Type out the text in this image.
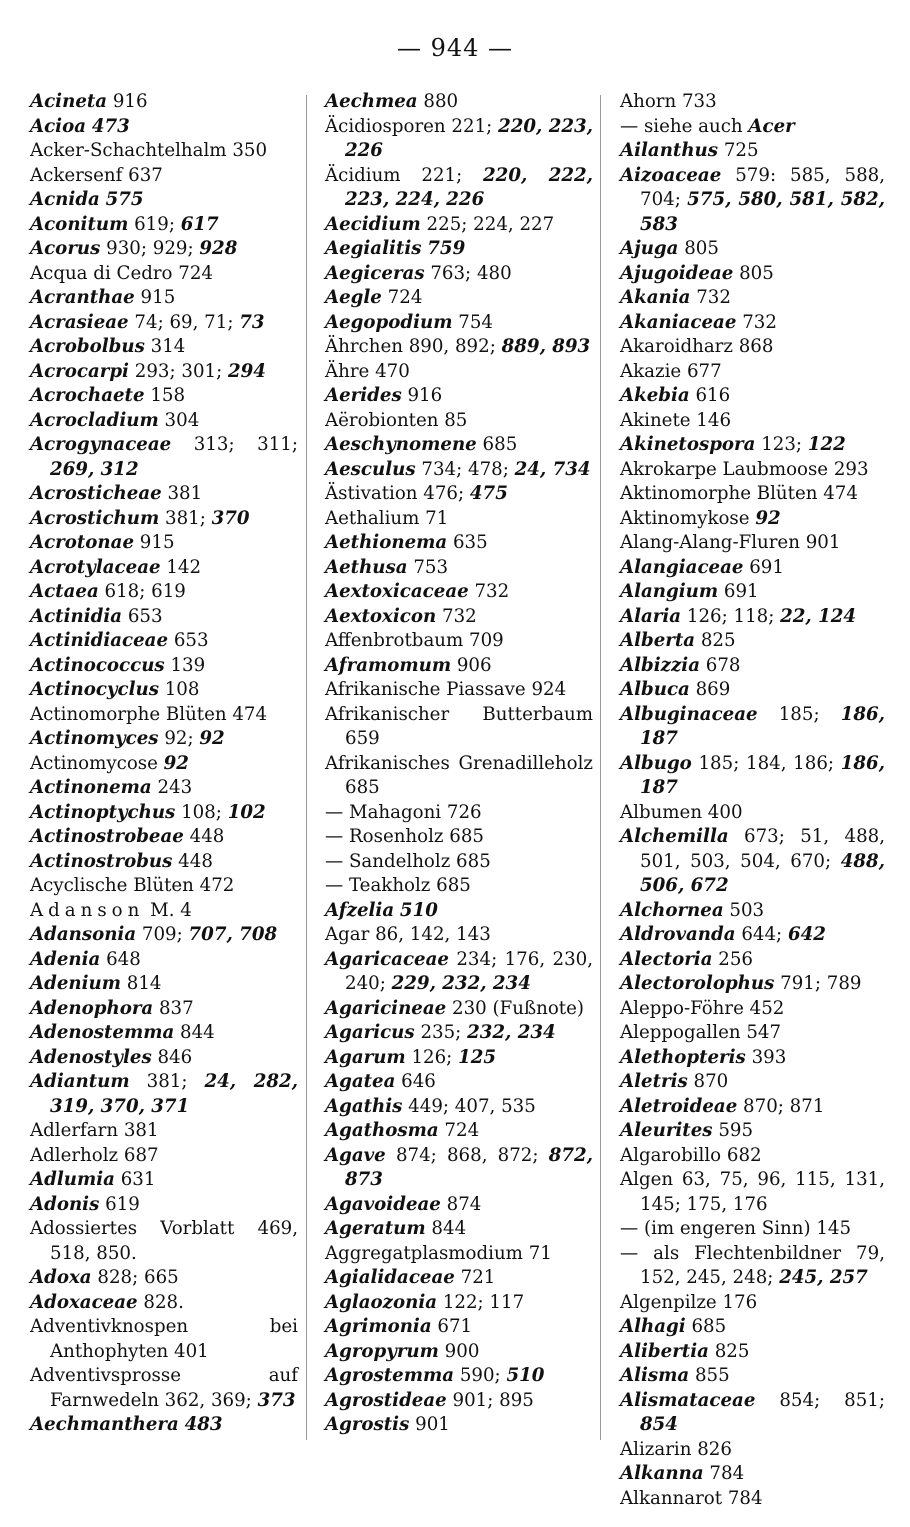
— 944 —
Acineta 916
Acioa 473
Acker-Schachtelhalm 350
Ackersenf 637
Acnida 575
Aconitum 619; 617
Acorus 930; 929; 928
Acqua di Cedro 724
Acranthae 915
Acrasieae 74; 69, 71; 73
Acrobolbus 314
Acrocarpi 293; 301; 294
Acrochaete 158
Acrocladium 304
Acrogynaceae 313; 311; 269, 312
Acrosticheae 381
Acrostichum 381; 370
Acrotonae 915
Acrotylaceae 142
Actaea 618; 619
Actinidia 653
Actinidiaceae 653
Actinococcus 139
Actinocyclus 108
Actinomorphe Blüten 474
Actinomyces 92; 92
Actinomycose 92
Actinonema 243
Actinoptychus 108; 102
Actinostrobeae 448
Actinostrobus 448
Acyclische Blüten 472
Adanson M. 4
Adansonia 709; 707, 708
Adenia 648
Adenium 814
Adenophora 837
Adenostemma 844
Adenostyles 846
Adiantum 381; 24, 282, 319, 370, 371
Adlerfarn 381
Adlerholz 687
Adlumia 631
Adonis 619
Adossiertes Vorblatt 469, 518, 850.
Adoxa 828; 665
Adoxaceae 828.
Adventivknospen bei Anthophyten 401
Adventivsprosse auf Farnwedeln 362, 369; 373
Aechmanthera 483
Aechmea 880
Äcidiosporen 221; 220, 223, 226
Äcidium 221; 220, 222, 223, 224, 226
Aecidium 225; 224, 227
Aegialitis 759
Aegiceras 763; 480
Aegle 724
Aegopodium 754
Ährchen 890, 892; 889, 893
Ähre 470
Aerides 916
Aërobionten 85
Aeschynomene 685
Aesculus 734; 478; 24, 734
Ästivation 476; 475
Aethalium 71
Aethionema 635
Aethusa 753
Aextoxicaceae 732
Aextoxicon 732
Affenbrotbaum 709
Aframomum 906
Afrikanische Piassave 924
Afrikanischer Butterbaum 659
Afrikanisches Grenadilleholz 685
— Mahagoni 726
— Rosenholz 685
— Sandelholz 685
— Teakholz 685
Afzelia 510
Agar 86, 142, 143
Agaricaceae 234; 176, 230, 240; 229, 232, 234
Agaricineae 230 (Fußnote)
Agaricus 235; 232, 234
Agarum 126; 125
Agatea 646
Agathis 449; 407, 535
Agathosma 724
Agave 874; 868, 872; 872, 873
Agavoideae 874
Ageratum 844
Aggregatplasmodium 71
Agialidaceae 721
Aglaozonia 122; 117
Agrimonia 671
Agropyrum 900
Agrostemma 590; 510
Agrostideae 901; 895
Agrostis 901
Ahorn 733
— siehe auch Acer
Ailanthus 725
Aizoaceae 579: 585, 588, 704; 575, 580, 581, 582, 583
Ajuga 805
Ajugoideae 805
Akania 732
Akaniaceae 732
Akaroidharz 868
Akazie 677
Akebia 616
Akinete 146
Akinetospora 123; 122
Akrokarpe Laubmoose 293
Aktinomorphe Blüten 474
Aktinomykose 92
Alang-Alang-Fluren 901
Alangiaceae 691
Alangium 691
Alaria 126; 118; 22, 124
Alberta 825
Albizzia 678
Albuca 869
Albuginaceae 185; 186, 187
Albugo 185; 184, 186; 186, 187
Albumen 400
Alchemilla 673; 51, 488, 501, 503, 504, 670; 488, 506, 672
Alchornea 503
Aldrovanda 644; 642
Alectoria 256
Alectorolophus 791; 789
Aleppo-Föhre 452
Aleppogallen 547
Alethopteris 393
Aletris 870
Aletroideae 870; 871
Aleurites 595
Algarobillo 682
Algen 63, 75, 96, 115, 131, 145; 175, 176
— (im engeren Sinn) 145
— als Flechtenbildner 79, 152, 245, 248; 245, 257
Algenpilze 176
Alhagi 685
Alibertia 825
Alisma 855
Alismataceae 854; 851; 854
Alizarin 826
Alkanna 784
Alkannarot 784
